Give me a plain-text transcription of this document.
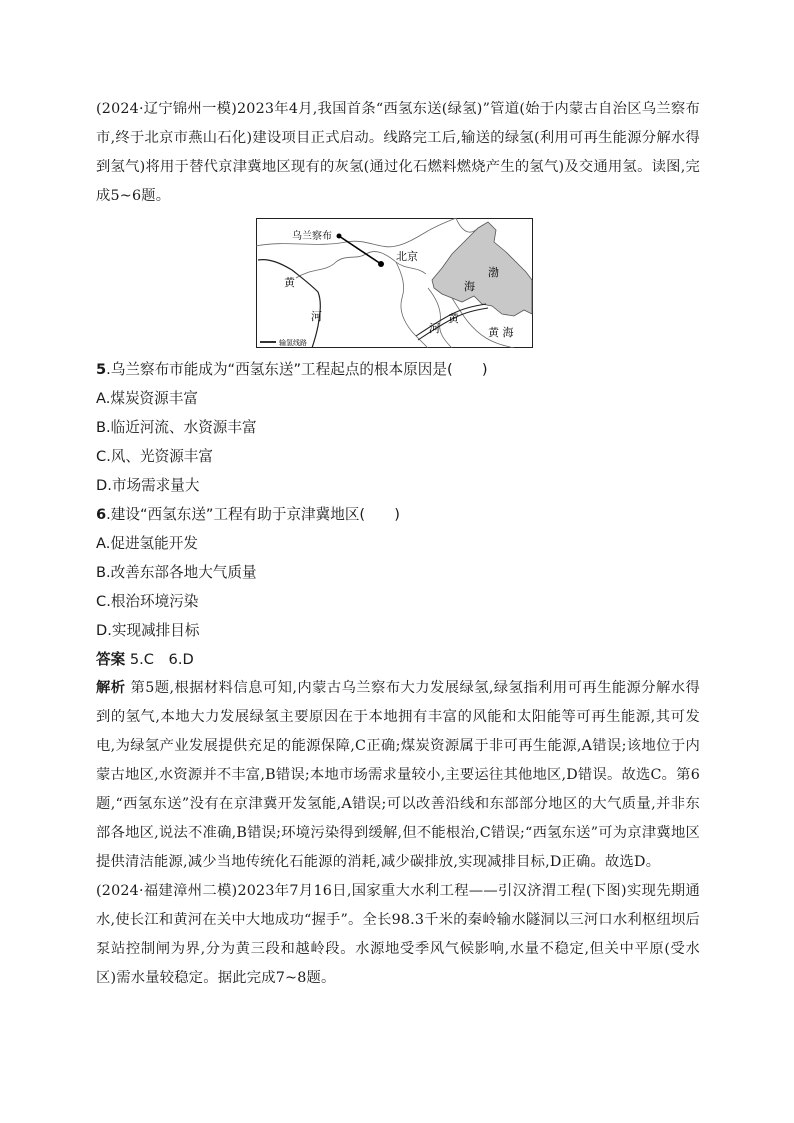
(2024·辽宁锦州一模)2023年4月,我国首条“西氢东送(绿氢)”管道(始于内蒙古自治区乌兰察布市,终于北京市燕山石化)建设项目正式启动。线路完工后,输送的绿氢(利用可再生能源分解水得到氢气)将用于替代京津冀地区现有的灰氢(通过化石燃料燃烧产生的氢气)及交通用氢。读图,完成5~6题。
乌兰察布
北京
黄
河
渤
海
黄
河	黄 海
输氢线路
5.乌兰察布市能成为“西氢东送”工程起点的根本原因是(　　)
A.煤炭资源丰富
B.临近河流、水资源丰富
C.风、光资源丰富
D.市场需求量大
6.建设“西氢东送”工程有助于京津冀地区(　　)
A.促进氢能开发
B.改善东部各地大气质量
C.根治环境污染
D.实现减排目标
答案 5.C　6.D
解析 第5题,根据材料信息可知,内蒙古乌兰察布大力发展绿氢,绿氢指利用可再生能源分解水得到的氢气,本地大力发展绿氢主要原因在于本地拥有丰富的风能和太阳能等可再生能源,其可发电,为绿氢产业发展提供充足的能源保障,C正确;煤炭资源属于非可再生能源,A错误;该地位于内蒙古地区,水资源并不丰富,B错误;本地市场需求量较小,主要运往其他地区,D错误。故选C。第6题,“西氢东送”没有在京津冀开发氢能,A错误;可以改善沿线和东部部分地区的大气质量,并非东部各地区,说法不准确,B错误;环境污染得到缓解,但不能根治,C错误;“西氢东送”可为京津冀地区提供清洁能源,减少当地传统化石能源的消耗,减少碳排放,实现减排目标,D正确。故选D。
(2024·福建漳州二模)2023年7月16日,国家重大水利工程——引汉济渭工程(下图)实现先期通水,使长江和黄河在关中大地成功“握手”。全长98.3千米的秦岭输水隧洞以三河口水利枢纽坝后泵站控制闸为界,分为黄三段和越岭段。水源地受季风气候影响,水量不稳定,但关中平原(受水区)需水量较稳定。据此完成7~8题。
